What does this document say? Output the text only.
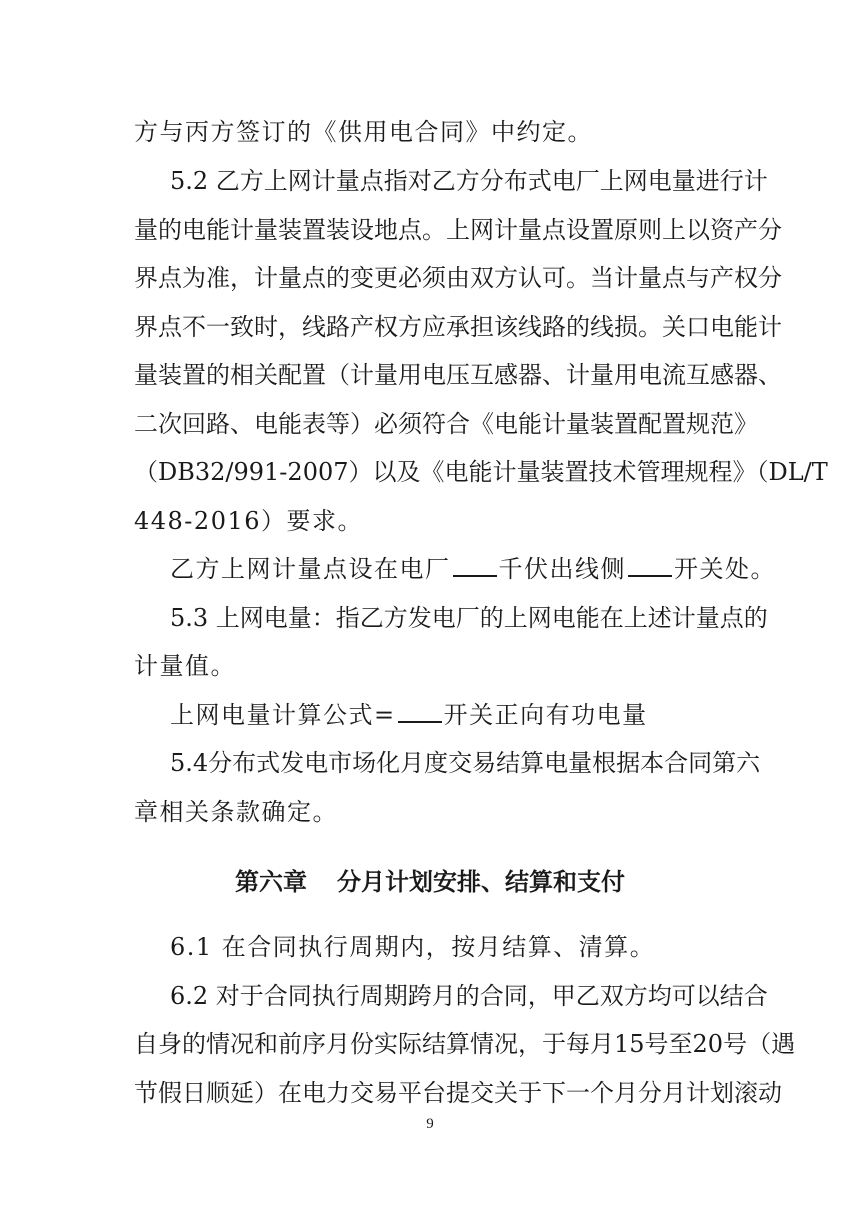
方与丙方签订的《供用电合同》中约定。
5.2 乙方上网计量点指对乙方分布式电厂上网电量进行计
量的电能计量装置装设地点。上网计量点设置原则上以资产分
界点为准，计量点的变更必须由双方认可。当计量点与产权分
界点不一致时，线路产权方应承担该线路的线损。关口电能计
量装置的相关配置（计量用电压互感器、计量用电流互感器、
二次回路、电能表等）必须符合《电能计量装置配置规范》
（DB32/991-2007）以及《电能计量装置技术管理规程》（DL/T
448-2016）要求。
乙方上网计量点设在电厂 千伏出线侧 开关处。
5.3 上网电量：指乙方发电厂的上网电能在上述计量点的
计量值。
上网电量计算公式= 开关正向有功电量
5.4分布式发电市场化月度交易结算电量根据本合同第六
章相关条款确定。
第六章 分月计划安排、结算和支付
6.1 在合同执行周期内，按月结算、清算。
6.2 对于合同执行周期跨月的合同，甲乙双方均可以结合
自身的情况和前序月份实际结算情况，于每月15号至20号（遇
节假日顺延）在电力交易平台提交关于下一个月分月计划滚动
9
